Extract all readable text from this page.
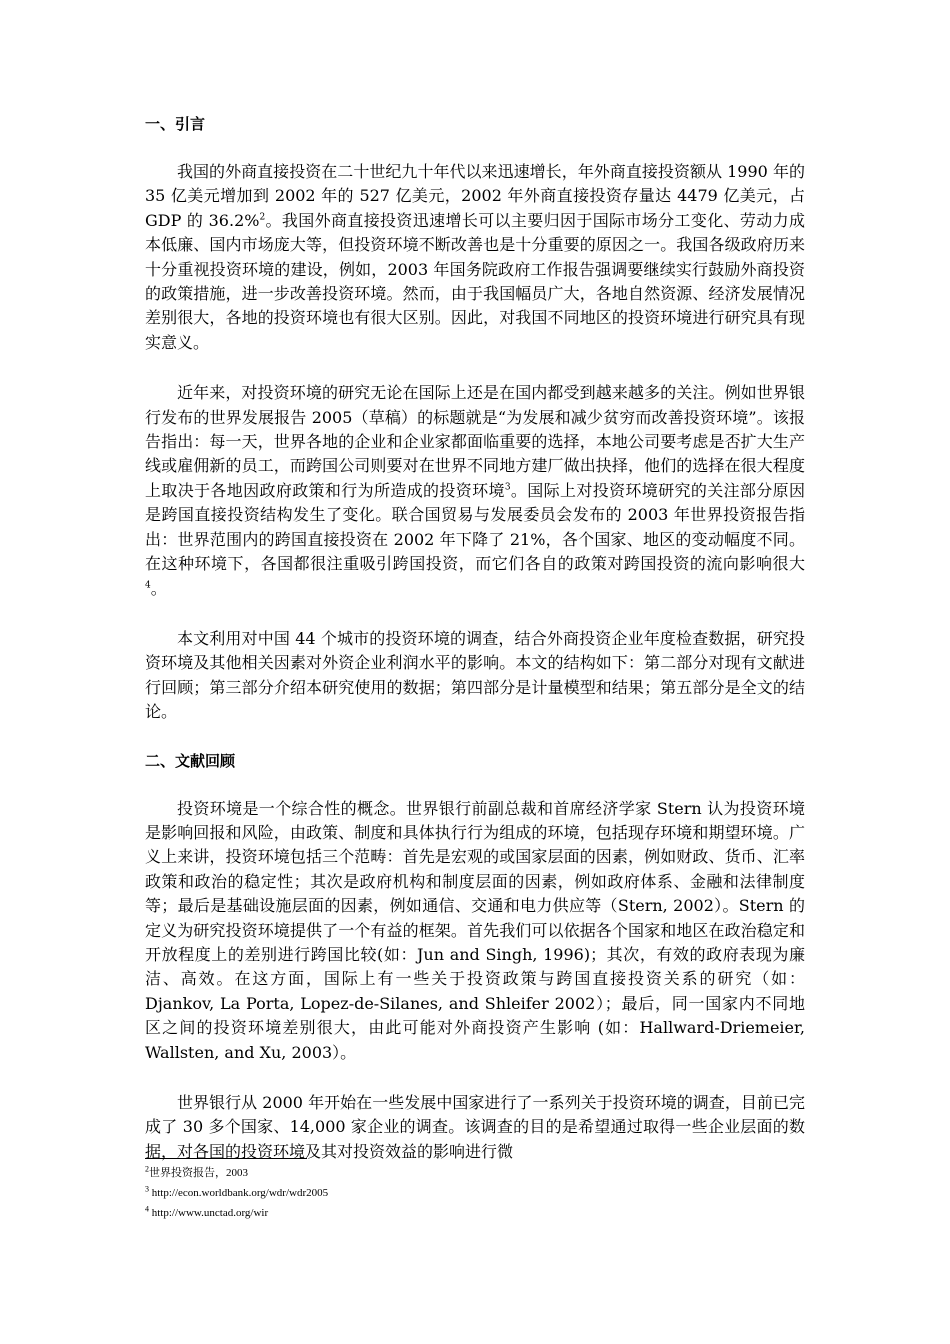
一、引言

我国的外商直接投资在二十世纪九十年代以来迅速增长，年外商直接投资额从 1990 年的 35 亿美元增加到 2002 年的 527 亿美元，2002 年外商直接投资存量达 4479 亿美元，占 GDP 的 36.2%$^2$。我国外商直接投资迅速增长可以主要归因于国际市场分工变化、劳动力成本低廉、国内市场庞大等，但投资环境不断改善也是十分重要的原因之一。我国各级政府历来十分重视投资环境的建设，例如，2003 年国务院政府工作报告强调要继续实行鼓励外商投资的政策措施，进一步改善投资环境。然而，由于我国幅员广大，各地自然资源、经济发展情况差别很大，各地的投资环境也有很大区别。因此，对我国不同地区的投资环境进行研究具有现实意义。

近年来，对投资环境的研究无论在国际上还是在国内都受到越来越多的关注。例如世界银行发布的世界发展报告 2005（草稿）的标题就是“为发展和减少贫穷而改善投资环境”。该报告指出：每一天，世界各地的企业和企业家都面临重要的选择，本地公司要考虑是否扩大生产线或雇佣新的员工，而跨国公司则要对在世界不同地方建厂做出抉择，他们的选择在很大程度上取决于各地因政府政策和行为所造成的投资环境$^3$。国际上对投资环境研究的关注部分原因是跨国直接投资结构发生了变化。联合国贸易与发展委员会发布的 2003 年世界投资报告指出：世界范围内的跨国直接投资在 2002 年下降了 21%，各个国家、地区的变动幅度不同。在这种环境下，各国都很注重吸引跨国投资，而它们各自的政策对跨国投资的流向影响很大$^4$。

本文利用对中国 44 个城市的投资环境的调查，结合外商投资企业年度检查数据，研究投资环境及其他相关因素对外资企业利润水平的影响。本文的结构如下：第二部分对现有文献进行回顾；第三部分介绍本研究使用的数据；第四部分是计量模型和结果；第五部分是全文的结论。

二、文献回顾

投资环境是一个综合性的概念。世界银行前副总裁和首席经济学家 Stern 认为投资环境是影响回报和风险，由政策、制度和具体执行行为组成的环境，包括现存环境和期望环境。广义上来讲，投资环境包括三个范畴：首先是宏观的或国家层面的因素，例如财政、货币、汇率政策和政治的稳定性；其次是政府机构和制度层面的因素，例如政府体系、金融和法律制度等；最后是基础设施层面的因素，例如通信、交通和电力供应等（Stern, 2002）。Stern 的定义为研究投资环境提供了一个有益的框架。首先我们可以依据各个国家和地区在政治稳定和开放程度上的差别进行跨国比较(如：Jun and Singh, 1996)；其次，有效的政府表现为廉洁、高效。在这方面，国际上有一些关于投资政策与跨国直接投资关系的研究（如：Djankov, La Porta, Lopez-de-Silanes, and Shleifer 2002）；最后，同一国家内不同地区之间的投资环境差别很大，由此可能对外商投资产生影响 (如：Hallward-Driemeier, Wallsten, and Xu, 2003）。

世界银行从 2000 年开始在一些发展中国家进行了一系列关于投资环境的调查，目前已完成了 30 多个国家、14,000 家企业的调查。该调查的目的是希望通过取得一些企业层面的数据，对各国的投资环境及其对投资效益的影响进行微

$^2$世界投资报告，2003
$^3$ http://econ.worldbank.org/wdr/wdr2005
$^4$ http://www.unctad.org/wir
